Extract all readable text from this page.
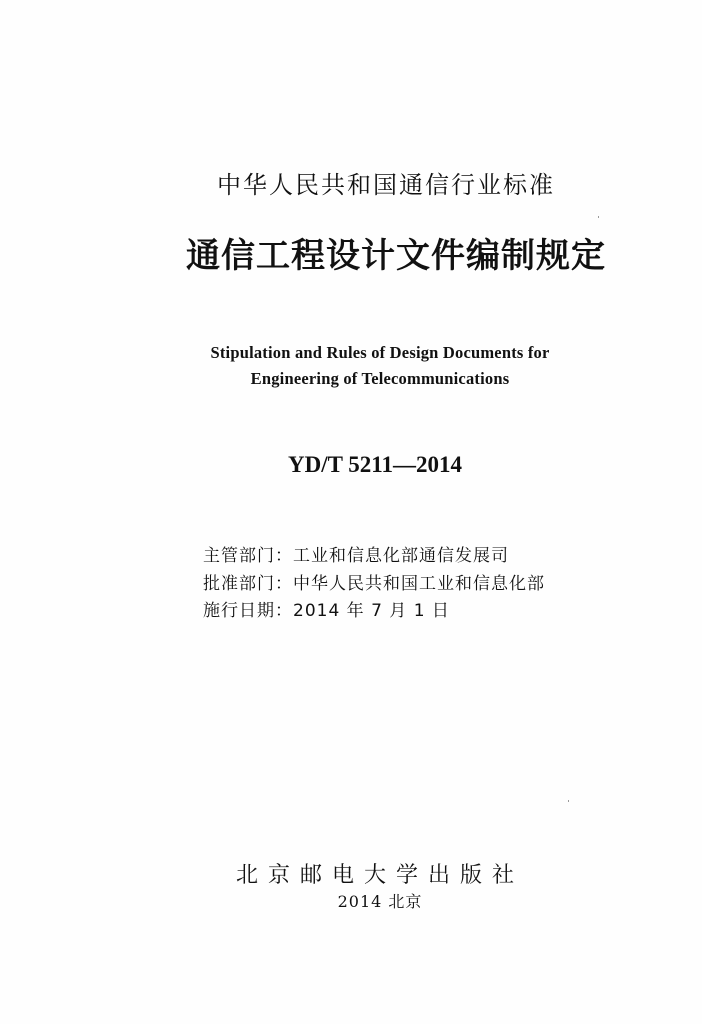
中华人民共和国通信行业标准
通信工程设计文件编制规定
Stipulation and Rules of Design Documents for
Engineering of Telecommunications
YD/T 5211—2014
主管部门：工业和信息化部通信发展司
批准部门：中华人民共和国工业和信息化部
施行日期：2014 年 7 月 1 日
北京邮电大学出版社
2014 北京
